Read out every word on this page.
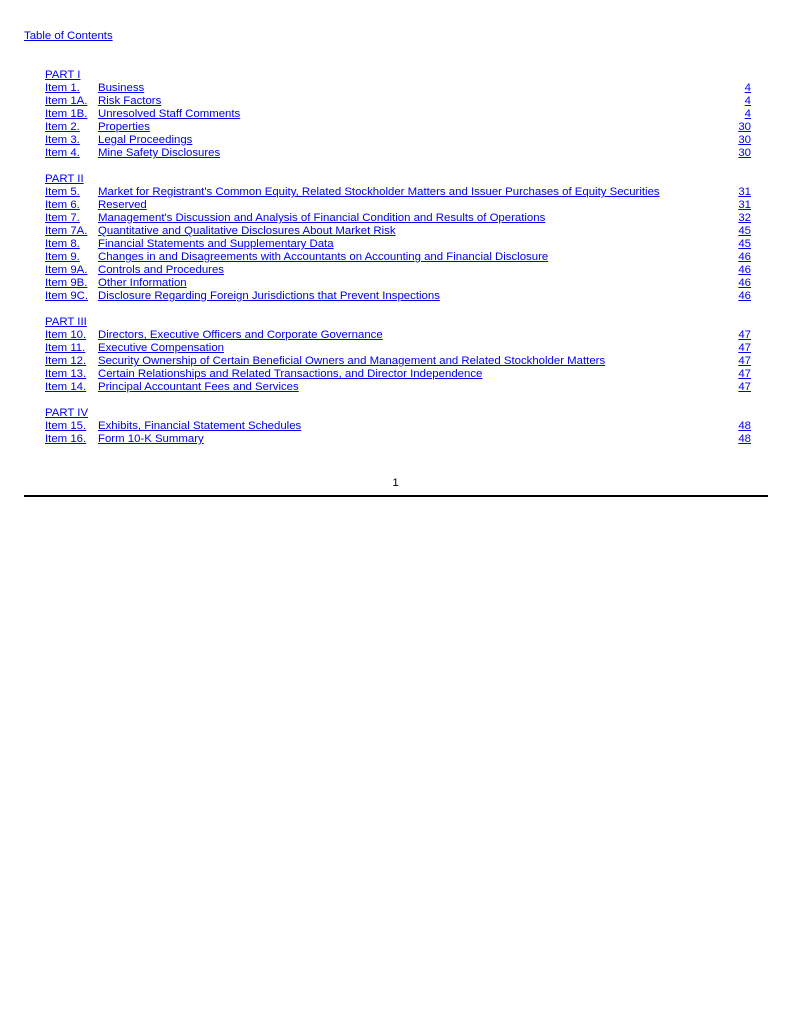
Table of Contents
PART I
Item 1. Business	4
Item 1A. Risk Factors	4
Item 1B. Unresolved Staff Comments	4
Item 2. Properties	30
Item 3. Legal Proceedings	30
Item 4. Mine Safety Disclosures	30
PART II
Item 5. Market for Registrant's Common Equity, Related Stockholder Matters and Issuer Purchases of Equity Securities	31
Item 6. Reserved	31
Item 7. Management's Discussion and Analysis of Financial Condition and Results of Operations	32
Item 7A. Quantitative and Qualitative Disclosures About Market Risk	45
Item 8. Financial Statements and Supplementary Data	45
Item 9. Changes in and Disagreements with Accountants on Accounting and Financial Disclosure	46
Item 9A. Controls and Procedures	46
Item 9B. Other Information	46
Item 9C. Disclosure Regarding Foreign Jurisdictions that Prevent Inspections	46
PART III
Item 10. Directors, Executive Officers and Corporate Governance	47
Item 11. Executive Compensation	47
Item 12. Security Ownership of Certain Beneficial Owners and Management and Related Stockholder Matters	47
Item 13. Certain Relationships and Related Transactions, and Director Independence	47
Item 14. Principal Accountant Fees and Services	47
PART IV
Item 15. Exhibits, Financial Statement Schedules	48
Item 16. Form 10-K Summary	48
1
